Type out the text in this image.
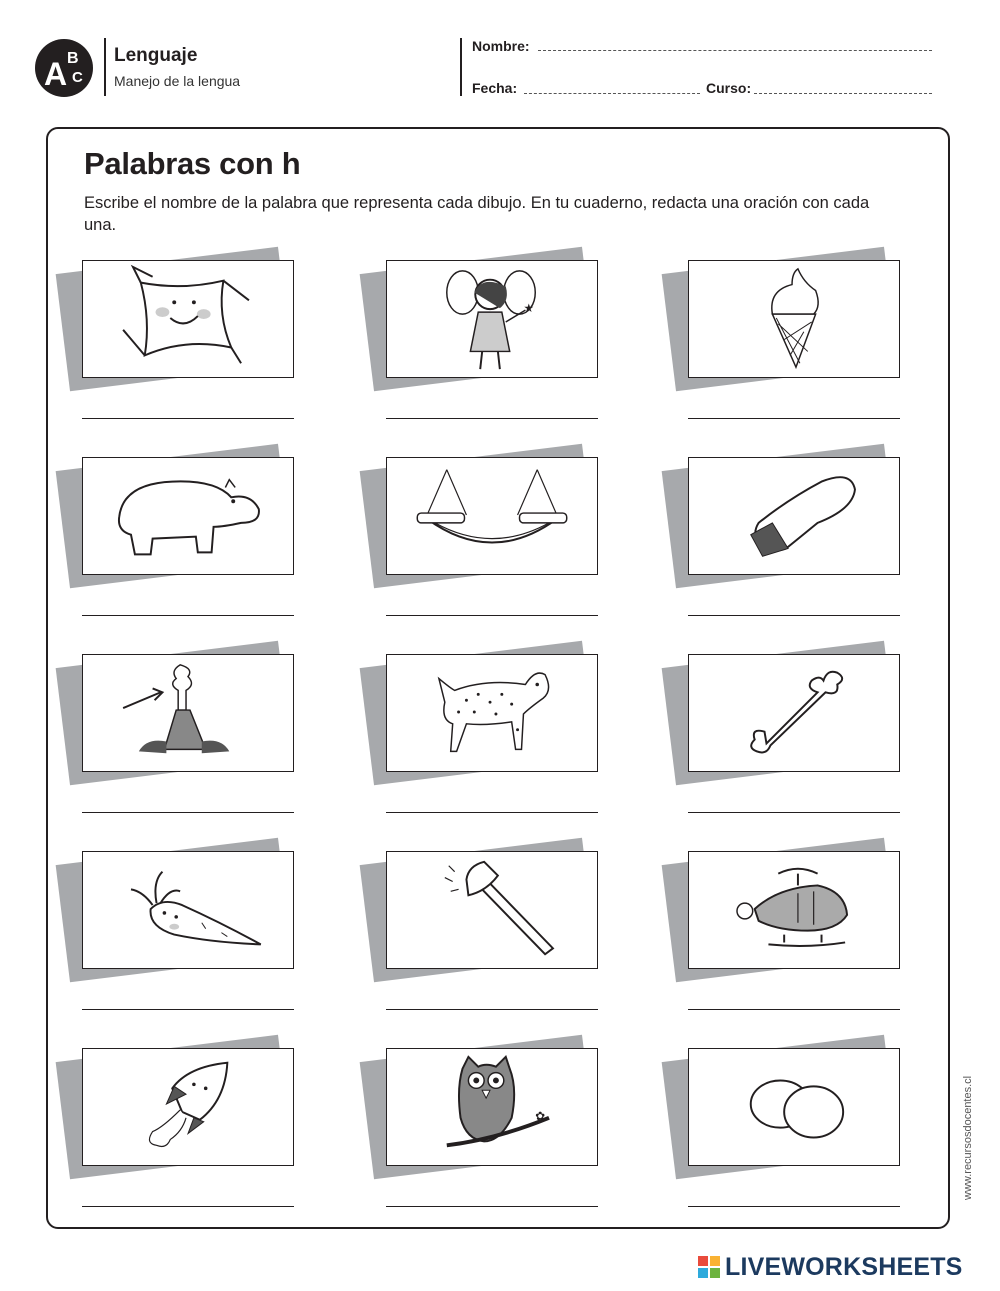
A B
C
Lenguaje
Manejo de la lengua
Nombre:
Fecha:	Curso:
Palabras con h
Escribe el nombre de la palabra que representa cada dibujo. En tu cuaderno, redacta una oración con cada una.
★
✿	www.recursosdocentes.cl
LIVEWORKSHEETS
